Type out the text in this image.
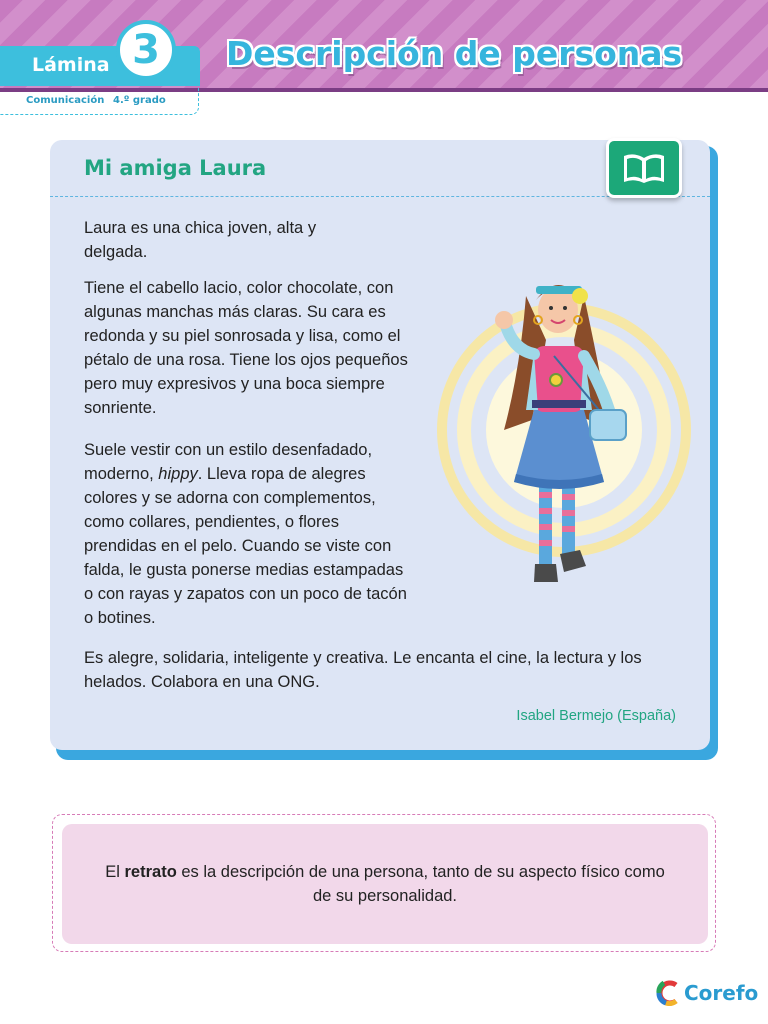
Lámina 3	Descripción de personas
Comunicación 4.º grado
Mi amiga Laura
Laura es una chica joven, alta y delgada.
Tiene el cabello lacio, color chocolate, con algunas manchas más claras. Su cara es redonda y su piel sonrosada y lisa, como el pétalo de una rosa. Tiene los ojos pequeños pero muy expresivos y una boca siempre sonriente.
Suele vestir con un estilo desenfadado, moderno, hippy. Lleva ropa de alegres colores y se adorna con complementos, como collares, pendientes, o flores prendidas en el pelo. Cuando se viste con falda, le gusta ponerse medias estampadas o con rayas y zapatos con un poco de tacón o botines.
Es alegre, solidaria, inteligente y creativa. Le encanta el cine, la lectura y los helados. Colabora en una ONG.
Isabel Bermejo (España)
El retrato es la descripción de una persona, tanto de su aspecto físico como de su personalidad.
Corefo
